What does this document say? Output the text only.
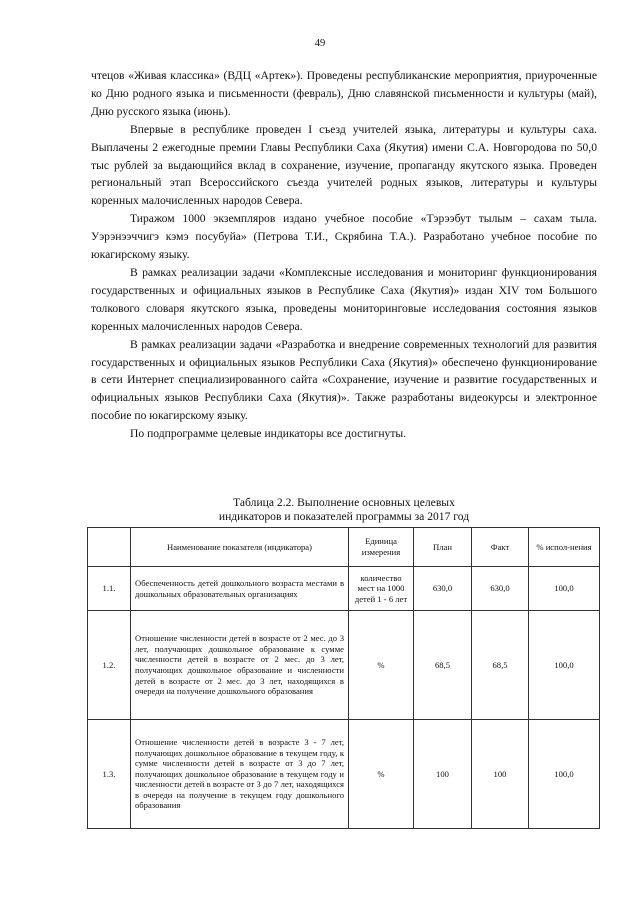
49

чтецов «Живая классика» (ВДЦ «Артек»). Проведены республиканские мероприятия, приуроченные ко Дню родного языка и письменности (февраль), Дню славянской письменности и культуры (май), Дню русского языка (июнь).

Впервые в республике проведен I съезд учителей языка, литературы и культуры саха. Выплачены 2 ежегодные премии Главы Республики Саха (Якутия) имени С.А. Новгородова по 50,0 тыс рублей за выдающийся вклад в сохранение, изучение, пропаганду якутского языка. Проведен региональный этап Всероссийского съезда учителей родных языков, литературы и культуры коренных малочисленных народов Севера.

Тиражом 1000 экземпляров издано учебное пособие «Тэрээбут тылым – сахам тыла. Уэрэнээччигэ кэмэ посубуйа» (Петрова Т.И., Скрябина Т.А.). Разработано учебное пособие по юкагирскому языку.

В рамках реализации задачи «Комплексные исследования и мониторинг функционирования государственных и официальных языков в Республике Саха (Якутия)» издан XIV том Большого толкового словаря якутского языка, проведены мониторинговые исследования состояния языков коренных малочисленных народов Севера.

В рамках реализации задачи «Разработка и внедрение современных технологий для развития государственных и официальных языков Республики Саха (Якутия)» обеспечено функционирование в сети Интернет специализированного сайта «Сохранение, изучение и развитие государственных и официальных языков Республики Саха (Якутия)». Также разработаны видеокурсы и электронное пособие по юкагирскому языку.

По подпрограмме целевые индикаторы все достигнуты.

Таблица 2.2. Выполнение основных целевых
индикаторов и показателей программы за 2017 год
	Наименование показателя (индикатора)	Единица измерения	План	Факт	% испол-нения
1.1.	Обеспеченность детей дошкольного возраста местами в дошкольных образовательных организациях	количество мест на 1000 детей 1 - 6 лет	630,0	630,0	100,0
1.2.	Отношение численности детей в возрасте от 2 мес. до 3 лет, получающих дошкольное образование к сумме численности детей в возрасте от 2 мес. до 3 лет, получающих дошкольное образование и численности детей в возрасте от 2 мес. до 3 лет, находящихся в очереди на получение дошкольного образования	%	68,5	68,5	100,0
1.3.	Отношение численности детей в возрасте 3 - 7 лет, получающих дошкольное образование в текущем году, к сумме численности детей в возрасте от 3 до 7 лет, получающих дошкольное образование в текущем году и численности детей в возрасте от 3 до 7 лет, находящихся в очереди на получение в текущем году дошкольного образования	%	100	100	100,0
